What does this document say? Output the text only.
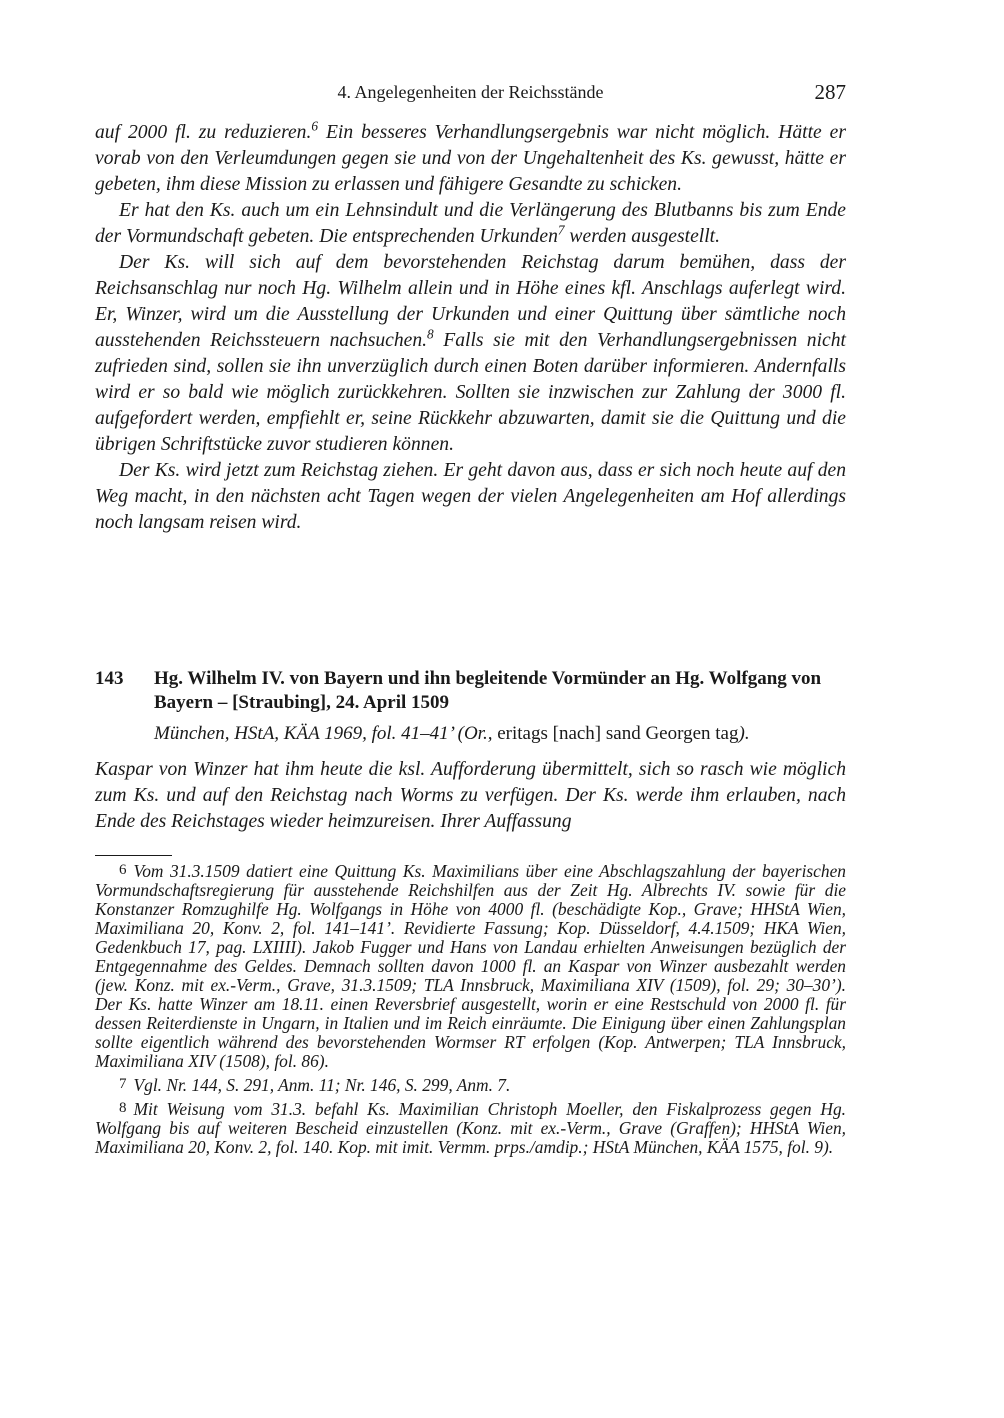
4. Angelegenheiten der Reichsstände	287

auf 2000 fl. zu reduzieren.$^6$ Ein besseres Verhandlungsergebnis war nicht möglich. Hätte er vorab von den Verleumdungen gegen sie und von der Ungehaltenheit des Ks. gewusst, hätte er gebeten, ihm diese Mission zu erlassen und fähigere Gesandte zu schicken.

Er hat den Ks. auch um ein Lehnsindult und die Verlängerung des Blutbanns bis zum Ende der Vormundschaft gebeten. Die entsprechenden Urkunden$^7$ werden ausgestellt.

Der Ks. will sich auf dem bevorstehenden Reichstag darum bemühen, dass der Reichsanschlag nur noch Hg. Wilhelm allein und in Höhe eines kfl. Anschlags auferlegt wird. Er, Winzer, wird um die Ausstellung der Urkunden und einer Quittung über sämtliche noch ausstehenden Reichssteuern nachsuchen.$^8$ Falls sie mit den Verhandlungsergebnissen nicht zufrieden sind, sollen sie ihn unverzüglich durch einen Boten darüber informieren. Andernfalls wird er so bald wie möglich zurückkehren. Sollten sie inzwischen zur Zahlung der 3000 fl. aufgefordert werden, empfiehlt er, seine Rückkehr abzuwarten, damit sie die Quittung und die übrigen Schriftstücke zuvor studieren können.

Der Ks. wird jetzt zum Reichstag ziehen. Er geht davon aus, dass er sich noch heute auf den Weg macht, in den nächsten acht Tagen wegen der vielen Angelegenheiten am Hof allerdings noch langsam reisen wird.

143	Hg. Wilhelm IV. von Bayern und ihn begleitende Vormünder an Hg. Wolfgang von Bayern – [Straubing], 24. April 1509
München, HStA, KÄA 1969, fol. 41–41’ (Or., eritags [nach] sand Georgen tag).

Kaspar von Winzer hat ihm heute die ksl. Aufforderung übermittelt, sich so rasch wie möglich zum Ks. und auf den Reichstag nach Worms zu verfügen. Der Ks. werde ihm erlauben, nach Ende des Reichstages wieder heimzureisen. Ihrer Auffassung

6 Vom 31.3.1509 datiert eine Quittung Ks. Maximilians über eine Abschlagszahlung der bayerischen Vormundschaftsregierung für ausstehende Reichshilfen aus der Zeit Hg. Albrechts IV. sowie für die Konstanzer Romzughilfe Hg. Wolfgangs in Höhe von 4000 fl. (beschädigte Kop., Grave; HHStA Wien, Maximiliana 20, Konv. 2, fol. 141–141’. Revidierte Fassung; Kop. Düsseldorf, 4.4.1509; HKA Wien, Gedenkbuch 17, pag. LXIIII). Jakob Fugger und Hans von Landau erhielten Anweisungen bezüglich der Entgegennahme des Geldes. Demnach sollten davon 1000 fl. an Kaspar von Winzer ausbezahlt werden (jew. Konz. mit ex.-Verm., Grave, 31.3.1509; TLA Innsbruck, Maximiliana XIV (1509), fol. 29; 30–30’). Der Ks. hatte Winzer am 18.11. einen Reversbrief ausgestellt, worin er eine Restschuld von 2000 fl. für dessen Reiterdienste in Ungarn, in Italien und im Reich einräumte. Die Einigung über einen Zahlungsplan sollte eigentlich während des bevorstehenden Wormser RT erfolgen (Kop. Antwerpen; TLA Innsbruck, Maximiliana XIV (1508), fol. 86).

7 Vgl. Nr. 144, S. 291, Anm. 11; Nr. 146, S. 299, Anm. 7.

8 Mit Weisung vom 31.3. befahl Ks. Maximilian Christoph Moeller, den Fiskalprozess gegen Hg. Wolfgang bis auf weiteren Bescheid einzustellen (Konz. mit ex.-Verm., Grave (Graffen); HHStA Wien, Maximiliana 20, Konv. 2, fol. 140. Kop. mit imit. Vermm. prps./amdip.; HStA München, KÄA 1575, fol. 9).
